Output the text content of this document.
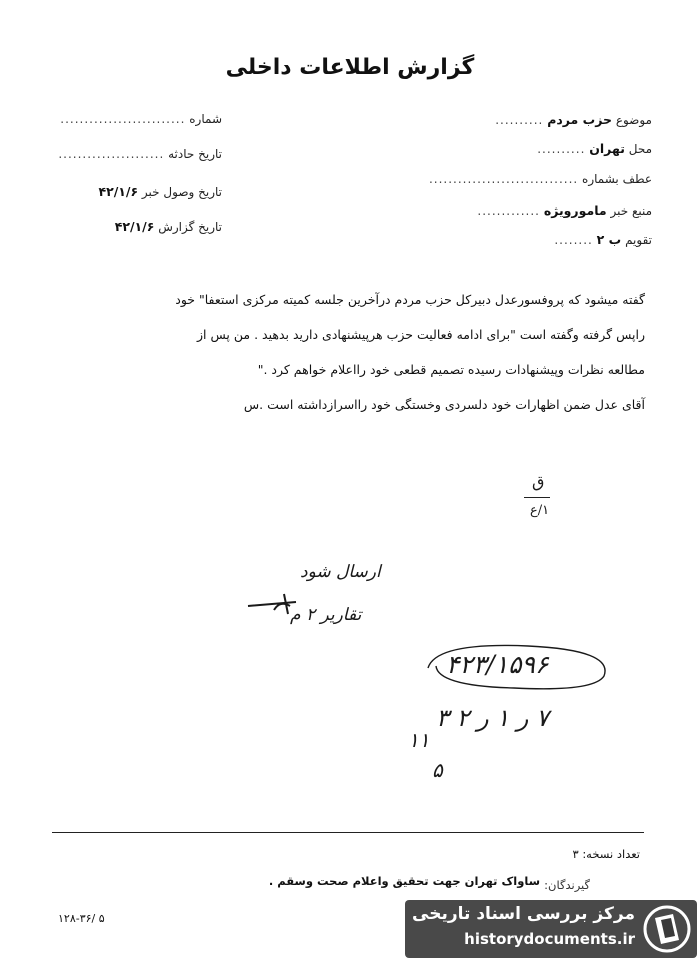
گزارش اطلاعات داخلی
موضوع حزب مردم ..........
محل تهران ..........
عطف بشماره ...............................
منبع خبر مامورویژه .............
تقویم ب ۲ ........
شماره ..........................
تاریخ حادثه ......................
تاریخ وصول خبر ۴۲/۱/۶
تاریخ گزارش ۴۲/۱/۶
گفته میشود که پروفسورعدل دبیرکل حزب مردم درآخرین جلسه کمیته مرکزی استعفا" خود
راپس گرفته وگفته است "برای ادامه فعالیت حزب هرپیشنهادی دارید بدهید . من پس از
مطالعه نظرات وپیشنهادات رسیده تصمیم قطعی خود رااعلام خواهم کرد ."
آقای عدل ضمن اظهارات خود دلسردی وخستگی خود رااسرازداشته است .س
ق
۱/ع
ارسال شود
تقاریر ۲ م
۴۲۳/۱۵۹۶
۷ ر ۱ ر ۲ ۳
۱۱
۵
تعداد نسخه: ۳
گیرندگان:
ساواک تهران جهت تحقیق واعلام صحت وسقم .
۱۲۸-۳۶/ ۵	مرکز بررسی اسناد تاریخی
historydocuments.ir
